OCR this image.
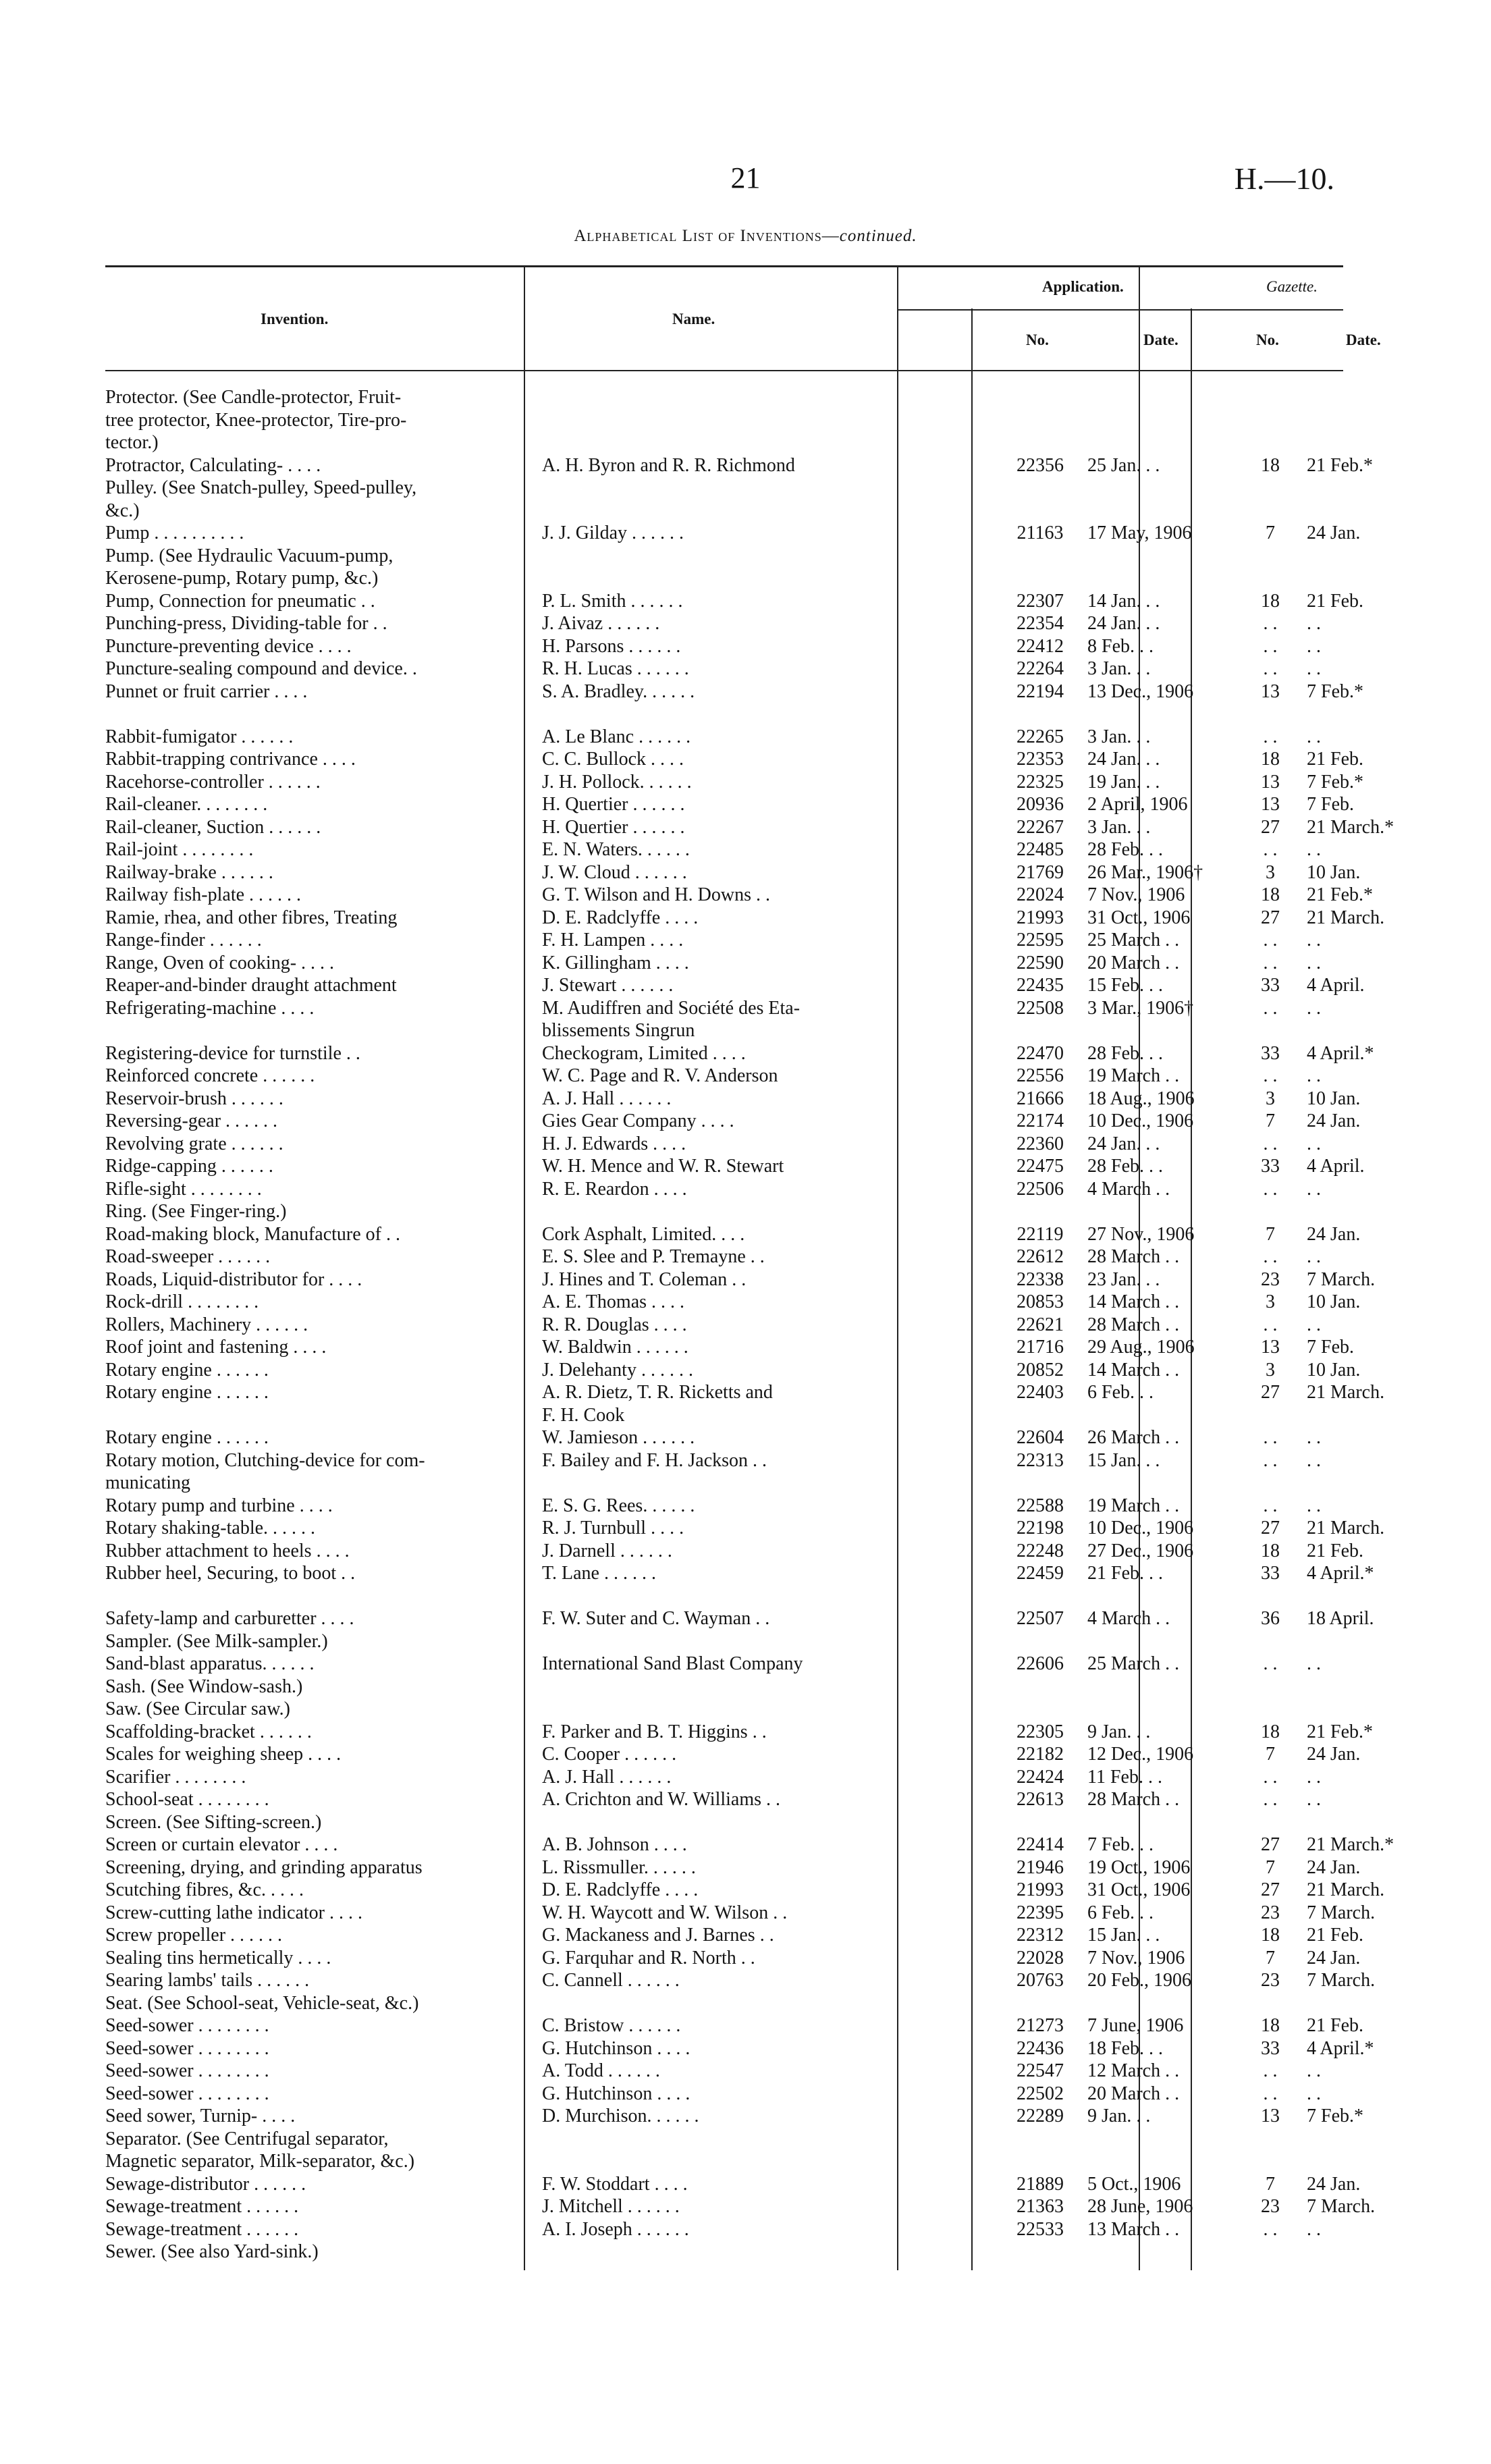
21	H.—10.
Alphabetical List of Inventions—continued.
Invention.	Name.
Application.	Gazette.
No.	Date.	No.	Date.
Protector. (See Candle-protector, Fruit-
tree protector, Knee-protector, Tire-pro-
tector.)
Protractor, Calculating- . . . .	A. H. Byron and R. R. Richmond	22356	25 Jan. . .	18	21 Feb.*
Pulley. (See Snatch-pulley, Speed-pulley,
&c.)
Pump . . . . . . . . . .	J. J. Gilday . . . . . .	21163	17 May, 1906	7	24 Jan.
Pump. (See Hydraulic Vacuum-pump,
Kerosene-pump, Rotary pump, &c.)
Pump, Connection for pneumatic . .	P. L. Smith . . . . . .	22307	14 Jan. . .	18	21 Feb.
Punching-press, Dividing-table for . .	J. Aivaz . . . . . .	22354	24 Jan. . .	. .	. .
Puncture-preventing device . . . .	H. Parsons . . . . . .	22412	8 Feb. . .	. .	. .
Puncture-sealing compound and device. .	R. H. Lucas . . . . . .	22264	3 Jan. . .	. .	. .
Punnet or fruit carrier . . . .	S. A. Bradley. . . . . .	22194	13 Dec., 1906	13	7 Feb.*
Rabbit-fumigator . . . . . .	A. Le Blanc . . . . . .	22265	3 Jan. . .	. .	. .
Rabbit-trapping contrivance . . . .	C. C. Bullock . . . .	22353	24 Jan. . .	18	21 Feb.
Racehorse-controller . . . . . .	J. H. Pollock. . . . . .	22325	19 Jan. . .	13	7 Feb.*
Rail-cleaner. . . . . . . .	H. Quertier . . . . . .	20936	2 April, 1906	13	7 Feb.
Rail-cleaner, Suction . . . . . .	H. Quertier . . . . . .	22267	3 Jan. . .	27	21 March.*
Rail-joint . . . . . . . .	E. N. Waters. . . . . .	22485	28 Feb. . .	. .	. .
Railway-brake . . . . . .	J. W. Cloud . . . . . .	21769	26 Mar., 1906†	3	10 Jan.
Railway fish-plate . . . . . .	G. T. Wilson and H. Downs . .	22024	7 Nov., 1906	18	21 Feb.*
Ramie, rhea, and other fibres, Treating	D. E. Radclyffe . . . .	21993	31 Oct., 1906	27	21 March.
Range-finder . . . . . .	F. H. Lampen . . . .	22595	25 March . .	. .	. .
Range, Oven of cooking- . . . .	K. Gillingham . . . .	22590	20 March . .	. .	. .
Reaper-and-binder draught attachment	J. Stewart . . . . . .	22435	15 Feb. . .	33	4 April.
Refrigerating-machine . . . .	M. Audiffren and Société des Eta-	22508	3 Mar., 1906†	. .	. .
blissements Singrun
Registering-device for turnstile . .	Checkogram, Limited . . . .	22470	28 Feb. . .	33	4 April.*
Reinforced concrete . . . . . .	W. C. Page and R. V. Anderson	22556	19 March . .	. .	. .
Reservoir-brush . . . . . .	A. J. Hall . . . . . .	21666	18 Aug., 1906	3	10 Jan.
Reversing-gear . . . . . .	Gies Gear Company . . . .	22174	10 Dec., 1906	7	24 Jan.
Revolving grate . . . . . .	H. J. Edwards . . . .	22360	24 Jan. . .	. .	. .
Ridge-capping . . . . . .	W. H. Mence and W. R. Stewart	22475	28 Feb. . .	33	4 April.
Rifle-sight . . . . . . . .	R. E. Reardon . . . .	22506	4 March . .	. .	. .
Ring. (See Finger-ring.)
Road-making block, Manufacture of . .	Cork Asphalt, Limited. . . .	22119	27 Nov., 1906	7	24 Jan.
Road-sweeper . . . . . .	E. S. Slee and P. Tremayne . .	22612	28 March . .	. .	. .
Roads, Liquid-distributor for . . . .	J. Hines and T. Coleman . .	22338	23 Jan. . .	23	7 March.
Rock-drill . . . . . . . .	A. E. Thomas . . . .	20853	14 March . .	3	10 Jan.
Rollers, Machinery . . . . . .	R. R. Douglas . . . .	22621	28 March . .	. .	. .
Roof joint and fastening . . . .	W. Baldwin . . . . . .	21716	29 Aug., 1906	13	7 Feb.
Rotary engine . . . . . .	J. Delehanty . . . . . .	20852	14 March . .	3	10 Jan.
Rotary engine . . . . . .	A. R. Dietz, T. R. Ricketts and	22403	6 Feb. . .	27	21 March.
F. H. Cook
Rotary engine . . . . . .	W. Jamieson . . . . . .	22604	26 March . .	. .	. .
Rotary motion, Clutching-device for com-	F. Bailey and F. H. Jackson . .	22313	15 Jan. . .	. .	. .
municating
Rotary pump and turbine . . . .	E. S. G. Rees. . . . . .	22588	19 March . .	. .	. .
Rotary shaking-table. . . . . .	R. J. Turnbull . . . .	22198	10 Dec., 1906	27	21 March.
Rubber attachment to heels . . . .	J. Darnell . . . . . .	22248	27 Dec., 1906	18	21 Feb.
Rubber heel, Securing, to boot . .	T. Lane . . . . . .	22459	21 Feb. . .	33	4 April.*
Safety-lamp and carburetter . . . .	F. W. Suter and C. Wayman . .	22507	4 March . .	36	18 April.
Sampler. (See Milk-sampler.)
Sand-blast apparatus. . . . . .	International Sand Blast Company	22606	25 March . .	. .	. .
Sash. (See Window-sash.)
Saw. (See Circular saw.)
Scaffolding-bracket . . . . . .	F. Parker and B. T. Higgins . .	22305	9 Jan. . .	18	21 Feb.*
Scales for weighing sheep . . . .	C. Cooper . . . . . .	22182	12 Dec., 1906	7	24 Jan.
Scarifier . . . . . . . .	A. J. Hall . . . . . .	22424	11 Feb. . .	. .	. .
School-seat . . . . . . . .	A. Crichton and W. Williams . .	22613	28 March . .	. .	. .
Screen. (See Sifting-screen.)
Screen or curtain elevator . . . .	A. B. Johnson . . . .	22414	7 Feb. . .	27	21 March.*
Screening, drying, and grinding apparatus	L. Rissmuller. . . . . .	21946	19 Oct., 1906	7	24 Jan.
Scutching fibres, &c. . . . .	D. E. Radclyffe . . . .	21993	31 Oct., 1906	27	21 March.
Screw-cutting lathe indicator . . . .	W. H. Waycott and W. Wilson . .	22395	6 Feb. . .	23	7 March.
Screw propeller . . . . . .	G. Mackaness and J. Barnes . .	22312	15 Jan. . .	18	21 Feb.
Sealing tins hermetically . . . .	G. Farquhar and R. North . .	22028	7 Nov., 1906	7	24 Jan.
Searing lambs' tails . . . . . .	C. Cannell . . . . . .	20763	20 Feb., 1906	23	7 March.
Seat. (See School-seat, Vehicle-seat, &c.)
Seed-sower . . . . . . . .	C. Bristow . . . . . .	21273	7 June, 1906	18	21 Feb.
Seed-sower . . . . . . . .	G. Hutchinson . . . .	22436	18 Feb. . .	33	4 April.*
Seed-sower . . . . . . . .	A. Todd . . . . . .	22547	12 March . .	. .	. .
Seed-sower . . . . . . . .	G. Hutchinson . . . .	22502	20 March . .	. .	. .
Seed sower, Turnip- . . . .	D. Murchison. . . . . .	22289	9 Jan. . .	13	7 Feb.*
Separator. (See Centrifugal separator,
Magnetic separator, Milk-separator, &c.)
Sewage-distributor . . . . . .	F. W. Stoddart . . . .	21889	5 Oct., 1906	7	24 Jan.
Sewage-treatment . . . . . .	J. Mitchell . . . . . .	21363	28 June, 1906	23	7 March.
Sewage-treatment . . . . . .	A. I. Joseph . . . . . .	22533	13 March . .	. .	. .
Sewer. (See also Yard-sink.)
